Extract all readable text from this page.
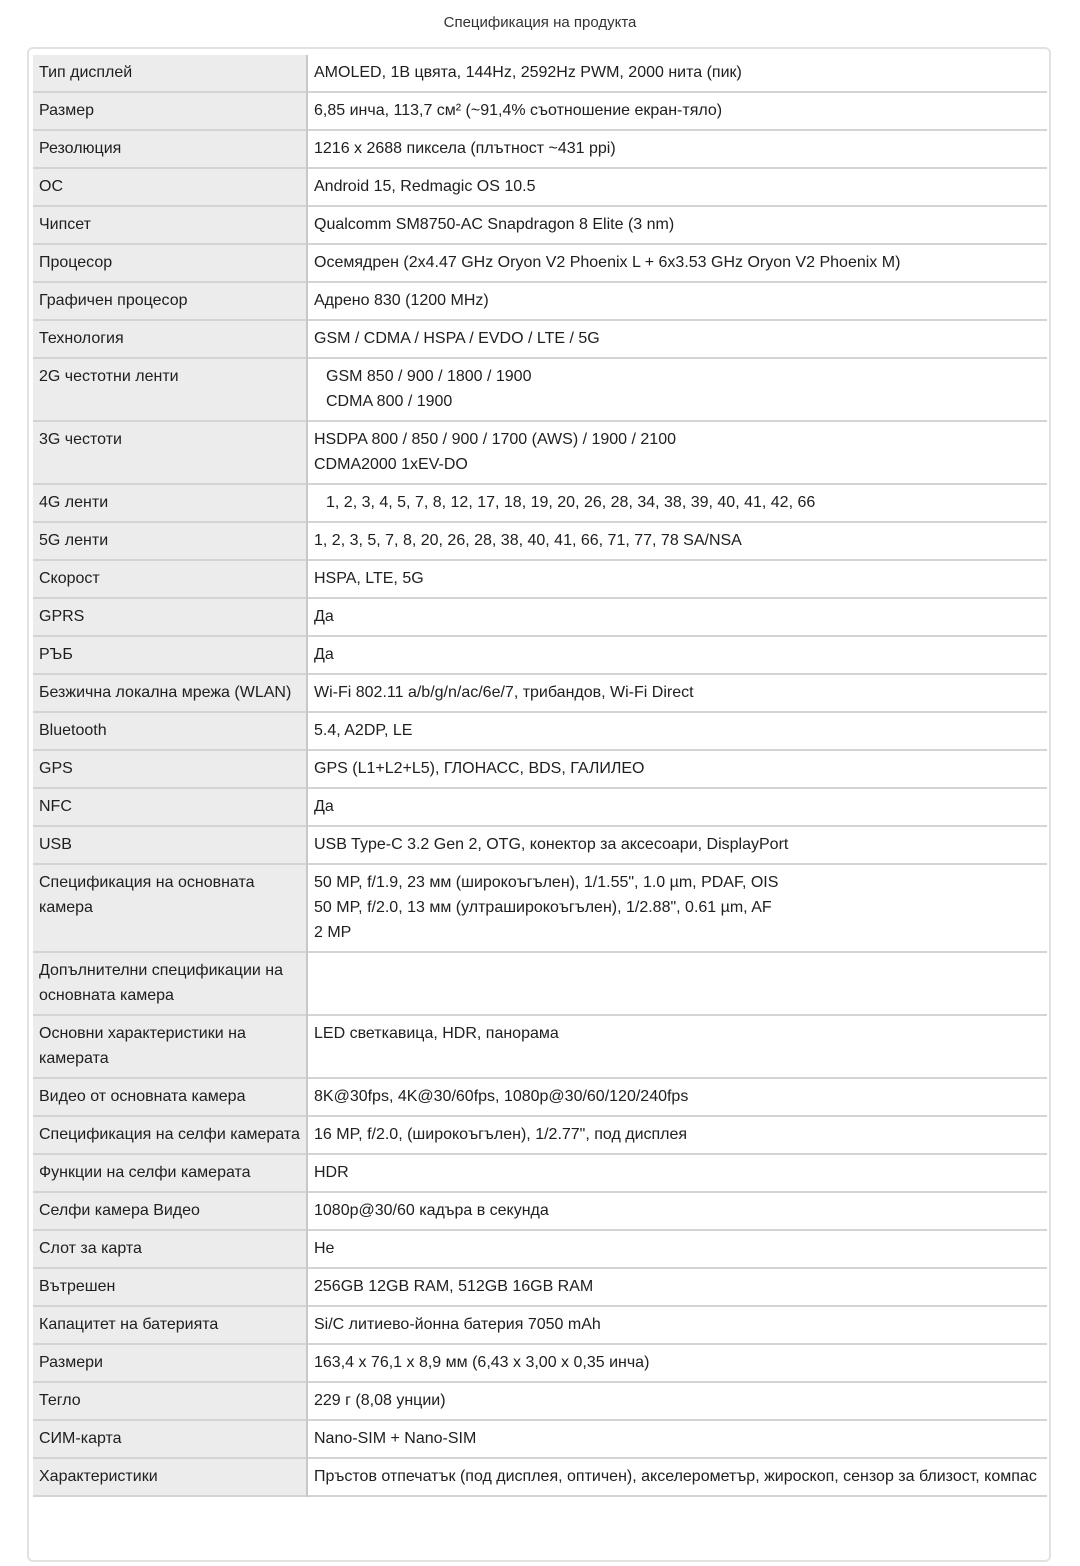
Спецификация на продукта
Тип дисплей	AMOLED, 1B цвята, 144Hz, 2592Hz PWM, 2000 нита (пик)
Размер	6,85 инча, 113,7 см² (~91,4% съотношение екран-тяло)
Резолюция	1216 x 2688 пиксела (плътност ~431 ppi)
ОС	Android 15, Redmagic OS 10.5
Чипсет	Qualcomm SM8750-AC Snapdragon 8 Elite (3 nm)
Процесор	Осемядрен (2x4.47 GHz Oryon V2 Phoenix L + 6x3.53 GHz Oryon V2 Phoenix M)
Графичен процесор	Адрено 830 (1200 MHz)
Технология	GSM / CDMA / HSPA / EVDO / LTE / 5G
2G честотни ленти	GSM 850 / 900 / 1800 / 1900
CDMA 800 / 1900
3G честоти	HSDPA 800 / 850 / 900 / 1700 (AWS) / 1900 / 2100
CDMA2000 1xEV-DO
4G ленти	1, 2, 3, 4, 5, 7, 8, 12, 17, 18, 19, 20, 26, 28, 34, 38, 39, 40, 41, 42, 66
5G ленти	1, 2, 3, 5, 7, 8, 20, 26, 28, 38, 40, 41, 66, 71, 77, 78 SA/NSA
Скорост	HSPA, LTE, 5G
GPRS	Да
РЪБ	Да
Безжична локална мрежа (WLAN)	Wi-Fi 802.11 a/b/g/n/ac/6e/7, трибандов, Wi-Fi Direct
Bluetooth	5.4, A2DP, LE
GPS	GPS (L1+L2+L5), ГЛОНАСС, BDS, ГАЛИЛЕО
NFC	Да
USB	USB Type-C 3.2 Gen 2, OTG, конектор за аксесоари, DisplayPort
Спецификация на основната камера	50 MP, f/1.9, 23 мм (широкоъгълен), 1/1.55", 1.0 µm, PDAF, OIS
50 MP, f/2.0, 13 мм (ултраширокоъгълен), 1/2.88", 0.61 µm, AF
2 MP
Допълнителни спецификации на основната камера	
Основни характеристики на камерата	LED светкавица, HDR, панорама
Видео от основната камера	8K@30fps, 4K@30/60fps, 1080p@30/60/120/240fps
Спецификация на селфи камерата	16 MP, f/2.0, (широкоъгълен), 1/2.77", под дисплея
Функции на селфи камерата	HDR
Селфи камера Видео	1080p@30/60 кадъра в секунда
Слот за карта	Не
Вътрешен	256GB 12GB RAM, 512GB 16GB RAM
Капацитет на батерията	Si/C литиево-йонна батерия 7050 mAh
Размери	163,4 x 76,1 x 8,9 мм (6,43 x 3,00 x 0,35 инча)
Тегло	229 г (8,08 унции)
СИМ-карта	Nano-SIM + Nano-SIM
Характеристики	Пръстов отпечатък (под дисплея, оптичен), акселерометър, жироскоп, сензор за близост, компас
